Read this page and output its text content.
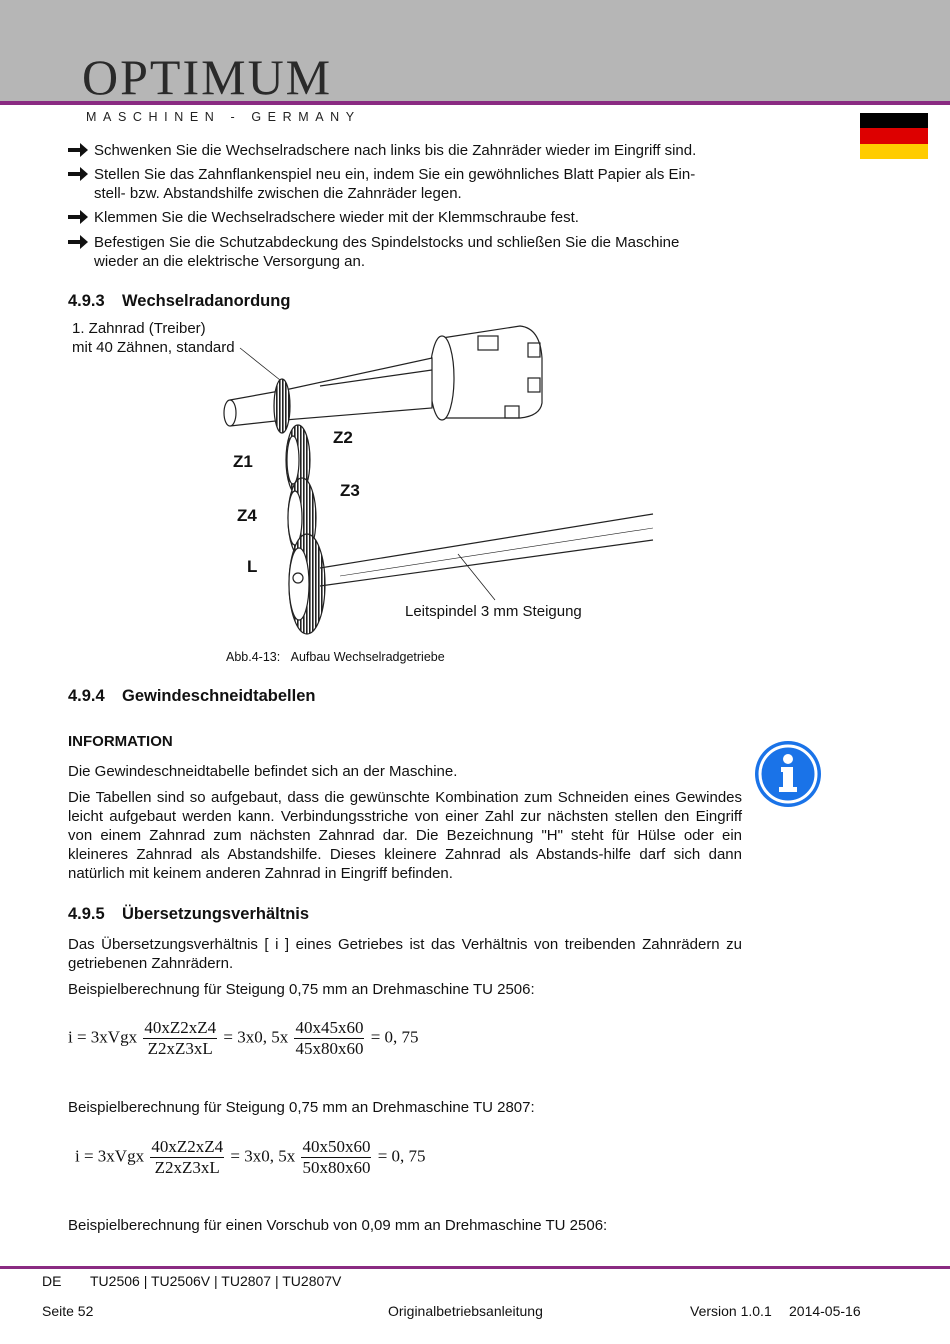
OPTIMUM
MASCHINEN - GERMANY
Schwenken Sie die Wechselradschere nach links bis die Zahnräder wieder im Eingriff sind.
Stellen Sie das Zahnflankenspiel neu ein, indem Sie ein gewöhnliches Blatt Papier als Ein-
stell- bzw. Abstandshilfe zwischen die Zahnräder legen.
Klemmen Sie die Wechselradschere wieder mit der Klemmschraube fest.
Befestigen Sie die Schutzabdeckung des Spindelstocks und schließen Sie die Maschine
wieder an die elektrische Versorgung an.
4.9.3 Wechselradanordung
1. Zahnrad (Treiber)
mit 40 Zähnen, standard
Z2
Z1
Z3
Z4
L
Leitspindel 3 mm Steigung
Abb.4-13: Aufbau Wechselradgetriebe
4.9.4 Gewindeschneidtabellen
INFORMATION
Die Gewindeschneidtabelle befindet sich an der Maschine.
Die Tabellen sind so aufgebaut, dass die gewünschte Kombination zum Schneiden eines Gewindes leicht aufgebaut werden kann. Verbindungsstriche von einer Zahl zur nächsten stellen den Eingriff von einem Zahnrad zum nächsten Zahnrad dar. Die Bezeichnung "H" steht für Hülse oder ein kleineres Zahnrad als Abstandshilfe. Dieses kleinere Zahnrad als Abstands-hilfe darf sich dann natürlich mit keinem anderen Zahnrad in Eingriff befinden.
4.9.5 Übersetzungsverhältnis
Das Übersetzungsverhältnis [ i ] eines Getriebes ist das Verhältnis von treibenden Zahnrädern zu getriebenen Zahnrädern.
Beispielberechnung für Steigung 0,75 mm an Drehmaschine TU 2506:
i = 3xVgx $\frac{40xZ2xZ4}{Z2xZ3xL} = 3x0$, $5x \frac{40x45x60}{45x80x60} = 0$, 75
Beispielberechnung für Steigung 0,75 mm an Drehmaschine TU 2807:
i = 3xVgx $\frac{40xZ2xZ4}{Z2xZ3xL} = 3x0$, $5x \frac{40x50x60}{50x80x60} = 0$, 75
Beispielberechnung für einen Vorschub von 0,09 mm an Drehmaschine TU 2506:
DE TU2506 | TU2506V | TU2807 | TU2807V
Seite 52	Originalbetriebsanleitung	Version 1.0.1 2014-05-16
